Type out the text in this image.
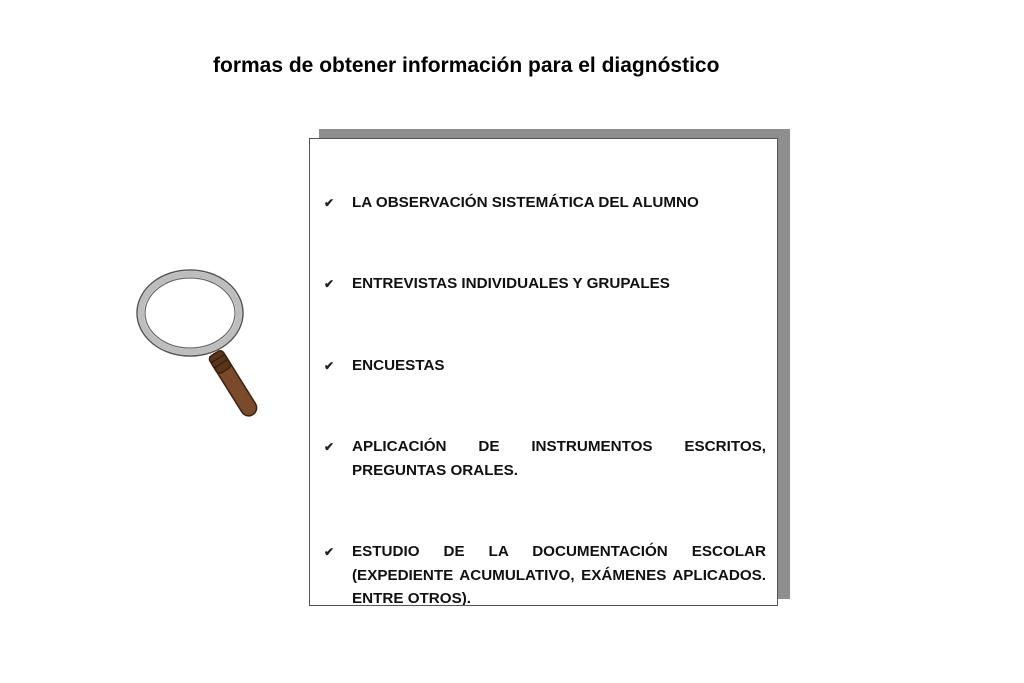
formas de obtener información para el diagnóstico
✔	LA OBSERVACIÓN SISTEMÁTICA DEL ALUMNO
✔	ENTREVISTAS INDIVIDUALES Y GRUPALES
✔	ENCUESTAS
✔	APLICACIÓN DE INSTRUMENTOS ESCRITOS, PREGUNTAS ORALES.
✔	ESTUDIO DE LA DOCUMENTACIÓN ESCOLAR (EXPEDIENTE ACUMULATIVO, EXÁMENES APLICADOS. ENTRE OTROS).
